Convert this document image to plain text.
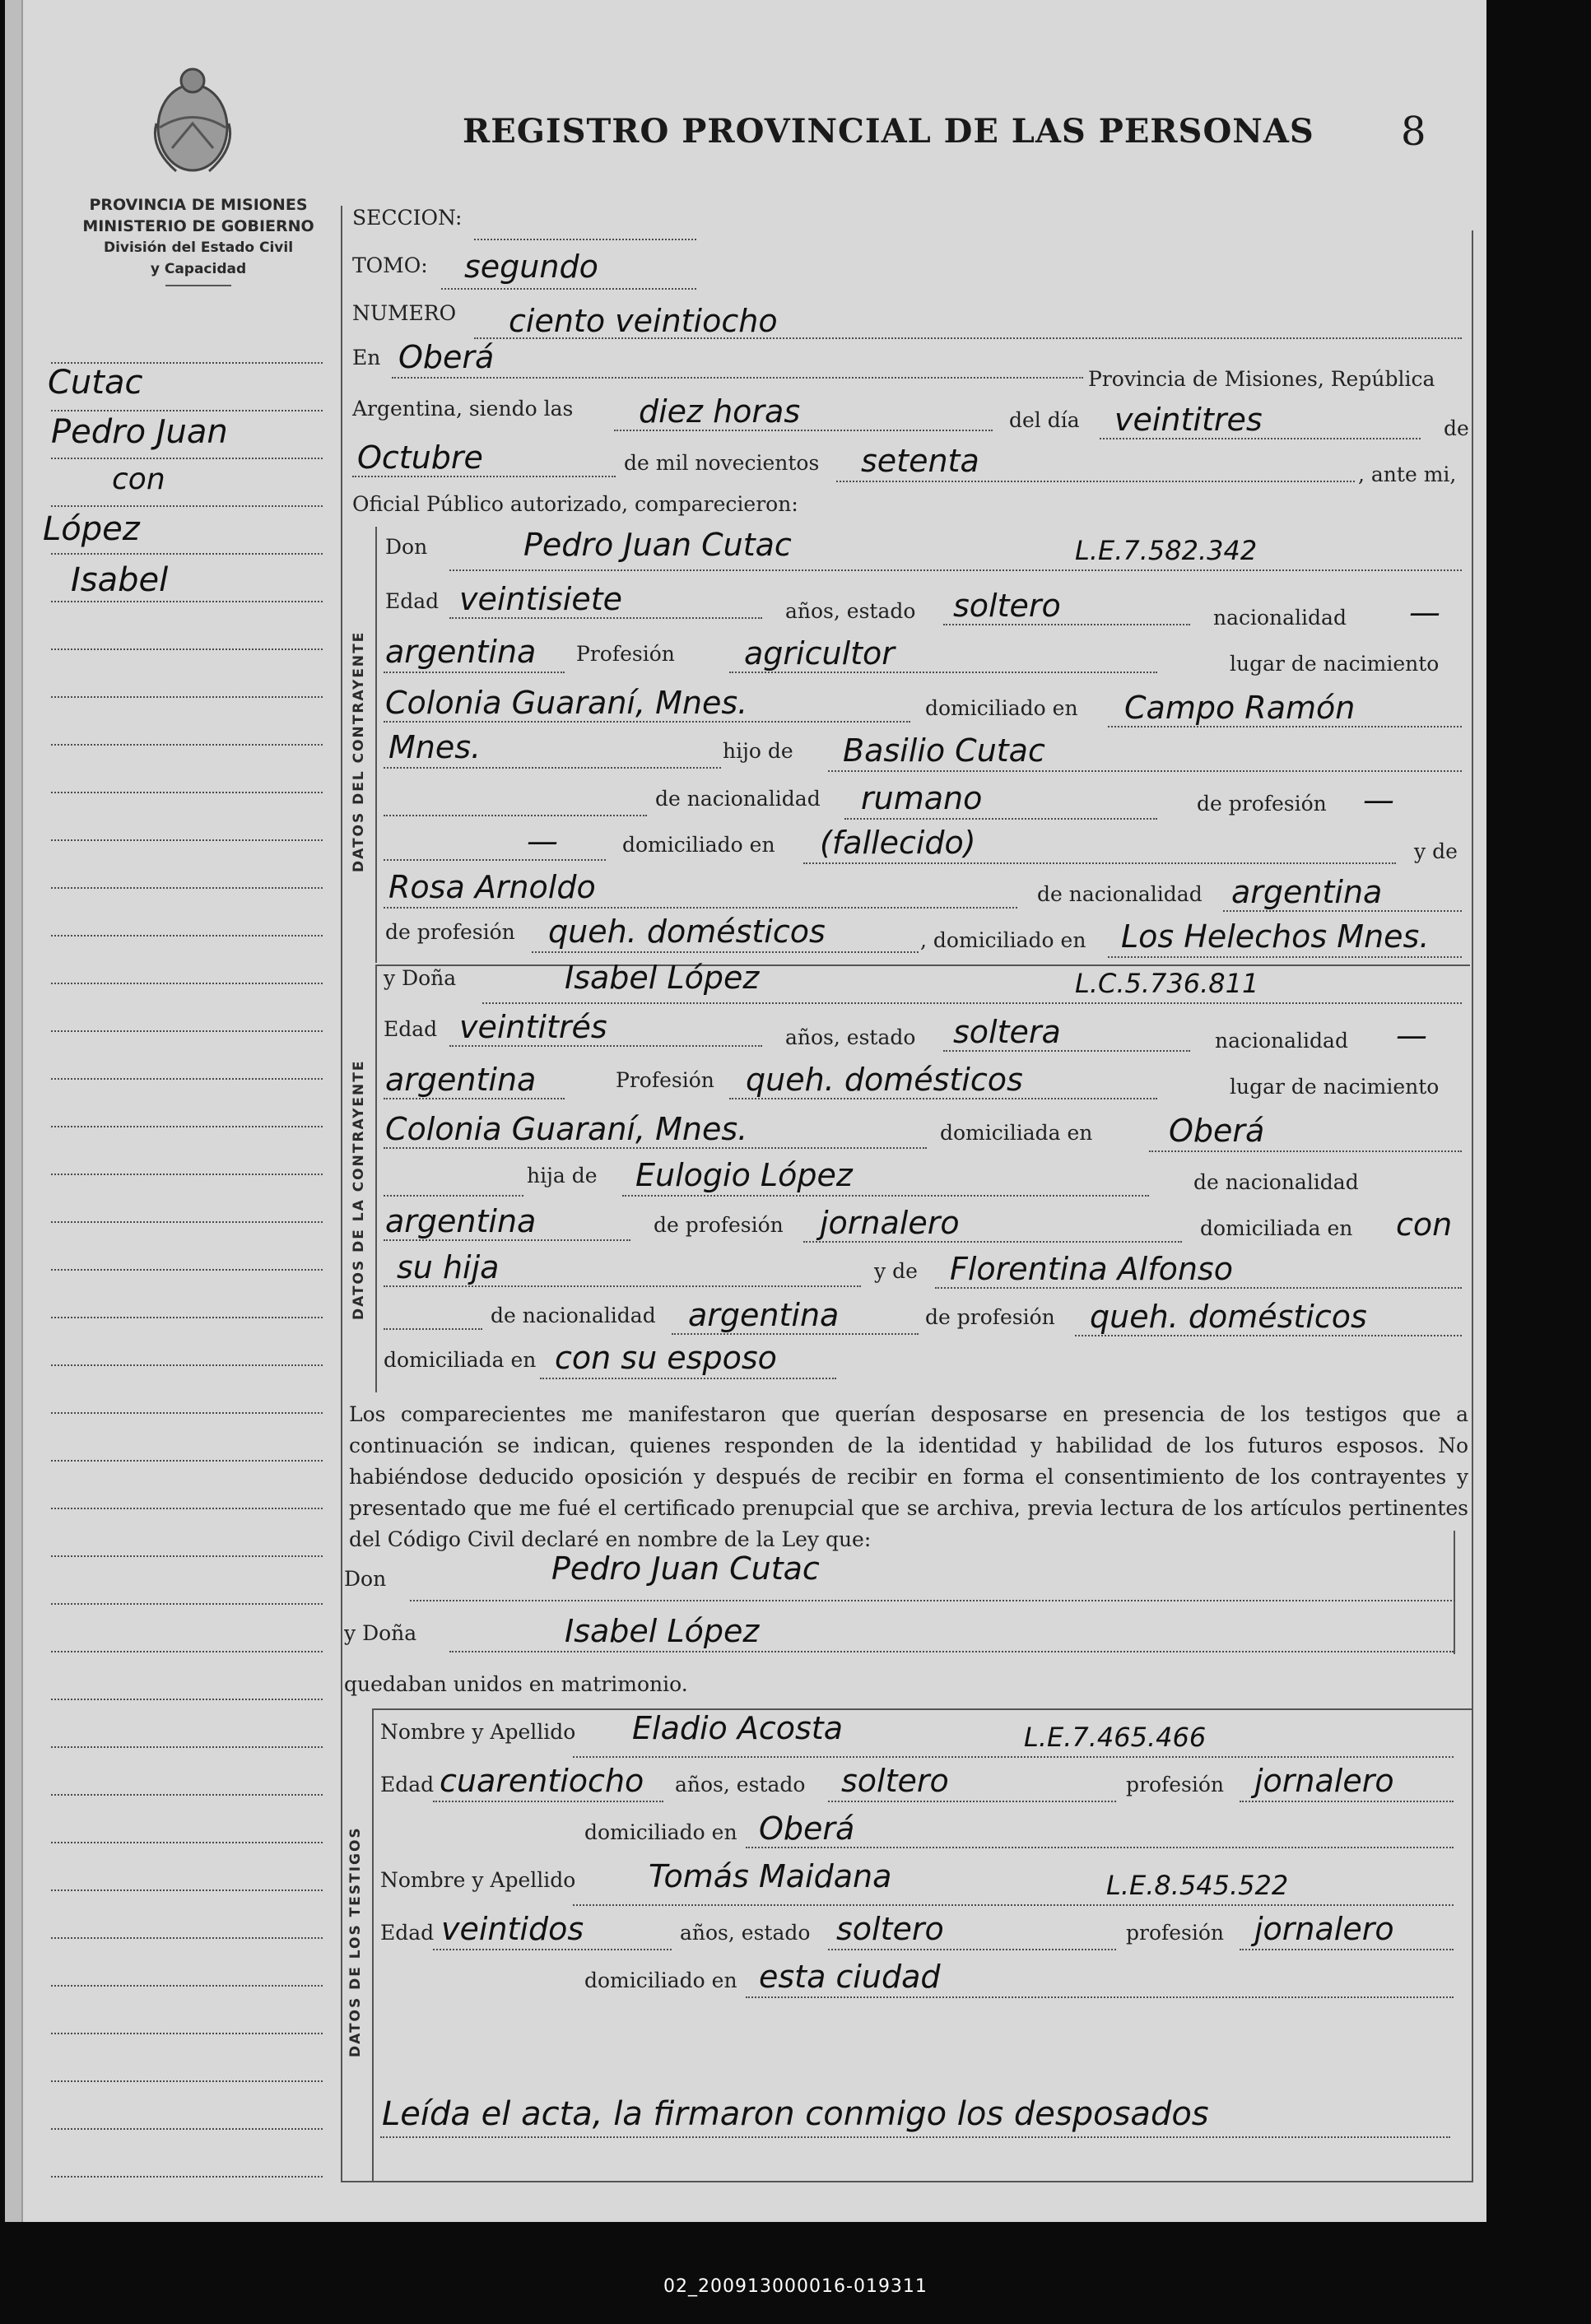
PROVINCIA DE MISIONES
MINISTERIO DE GOBIERNO
División del Estado Civil
y Capacidad
REGISTRO PROVINCIAL DE LAS PERSONAS 8
Cutac
Pedro Juan
con
López
Isabel
SECCION:
TOMO: segundo
NUMERO ciento veintiocho
En Oberá
Provincia de Misiones, República
Argentina, siendo las diez horas	del día veintitres	de
Octubre	de mil novecientos setenta	, ante mi,
Oficial Público autorizado, comparecieron:
DATOS DEL CONTRAYENTE
Don	Pedro Juan Cutac	L.E.7.582.342
Edad veintisiete	años, estado soltero	nacionalidad —
argentina Profesión agricultor	lugar de nacimiento
Colonia Guaraní, Mnes.	domiciliado en Campo Ramón
Mnes.	hijo de Basilio Cutac
de nacionalidad rumano	de profesión —
—	domiciliado en (fallecido)	y de
Rosa Arnoldo	de nacionalidad argentina
de profesión queh. domésticos	, domiciliado en Los Helechos Mnes.
DATOS DE LA CONTRAYENTE
y Doña	Isabel López	L.C.5.736.811
Edad veintitrés	años, estado soltera	nacionalidad —
argentina	Profesión queh. domésticos	lugar de nacimiento
Colonia Guaraní, Mnes.	domiciliada en Oberá
hija de Eulogio López	de nacionalidad
argentina	de profesión jornalero	domiciliada en con
su hija	y de Florentina Alfonso
de nacionalidad argentina	de profesión queh. domésticos
domiciliada en con su esposo
Los comparecientes me manifestaron que querían desposarse en presencia de los testigos que a continuación se indican, quienes responden de la identidad y habilidad de los futuros esposos. No habiéndose deducido oposición y después de recibir en forma el consentimiento de los contrayentes y presentado que me fué el certificado prenupcial que se archiva, previa lectura de los artículos pertinentes del Código Civil declaré en nombre de la Ley que:
Don	Pedro Juan Cutac
y Doña	Isabel López
quedaban unidos en matrimonio.
DATOS DE LOS TESTIGOS
Nombre y Apellido Eladio Acosta	L.E.7.465.466
Edad cuarentiocho años, estado soltero	profesión jornalero
domiciliado en Oberá
Nombre y Apellido Tomás Maidana	L.E.8.545.522
Edad veintidos	años, estado soltero	profesión jornalero
domiciliado en esta ciudad
Leída el acta, la firmaron conmigo los desposados
02_200913000016-019311
